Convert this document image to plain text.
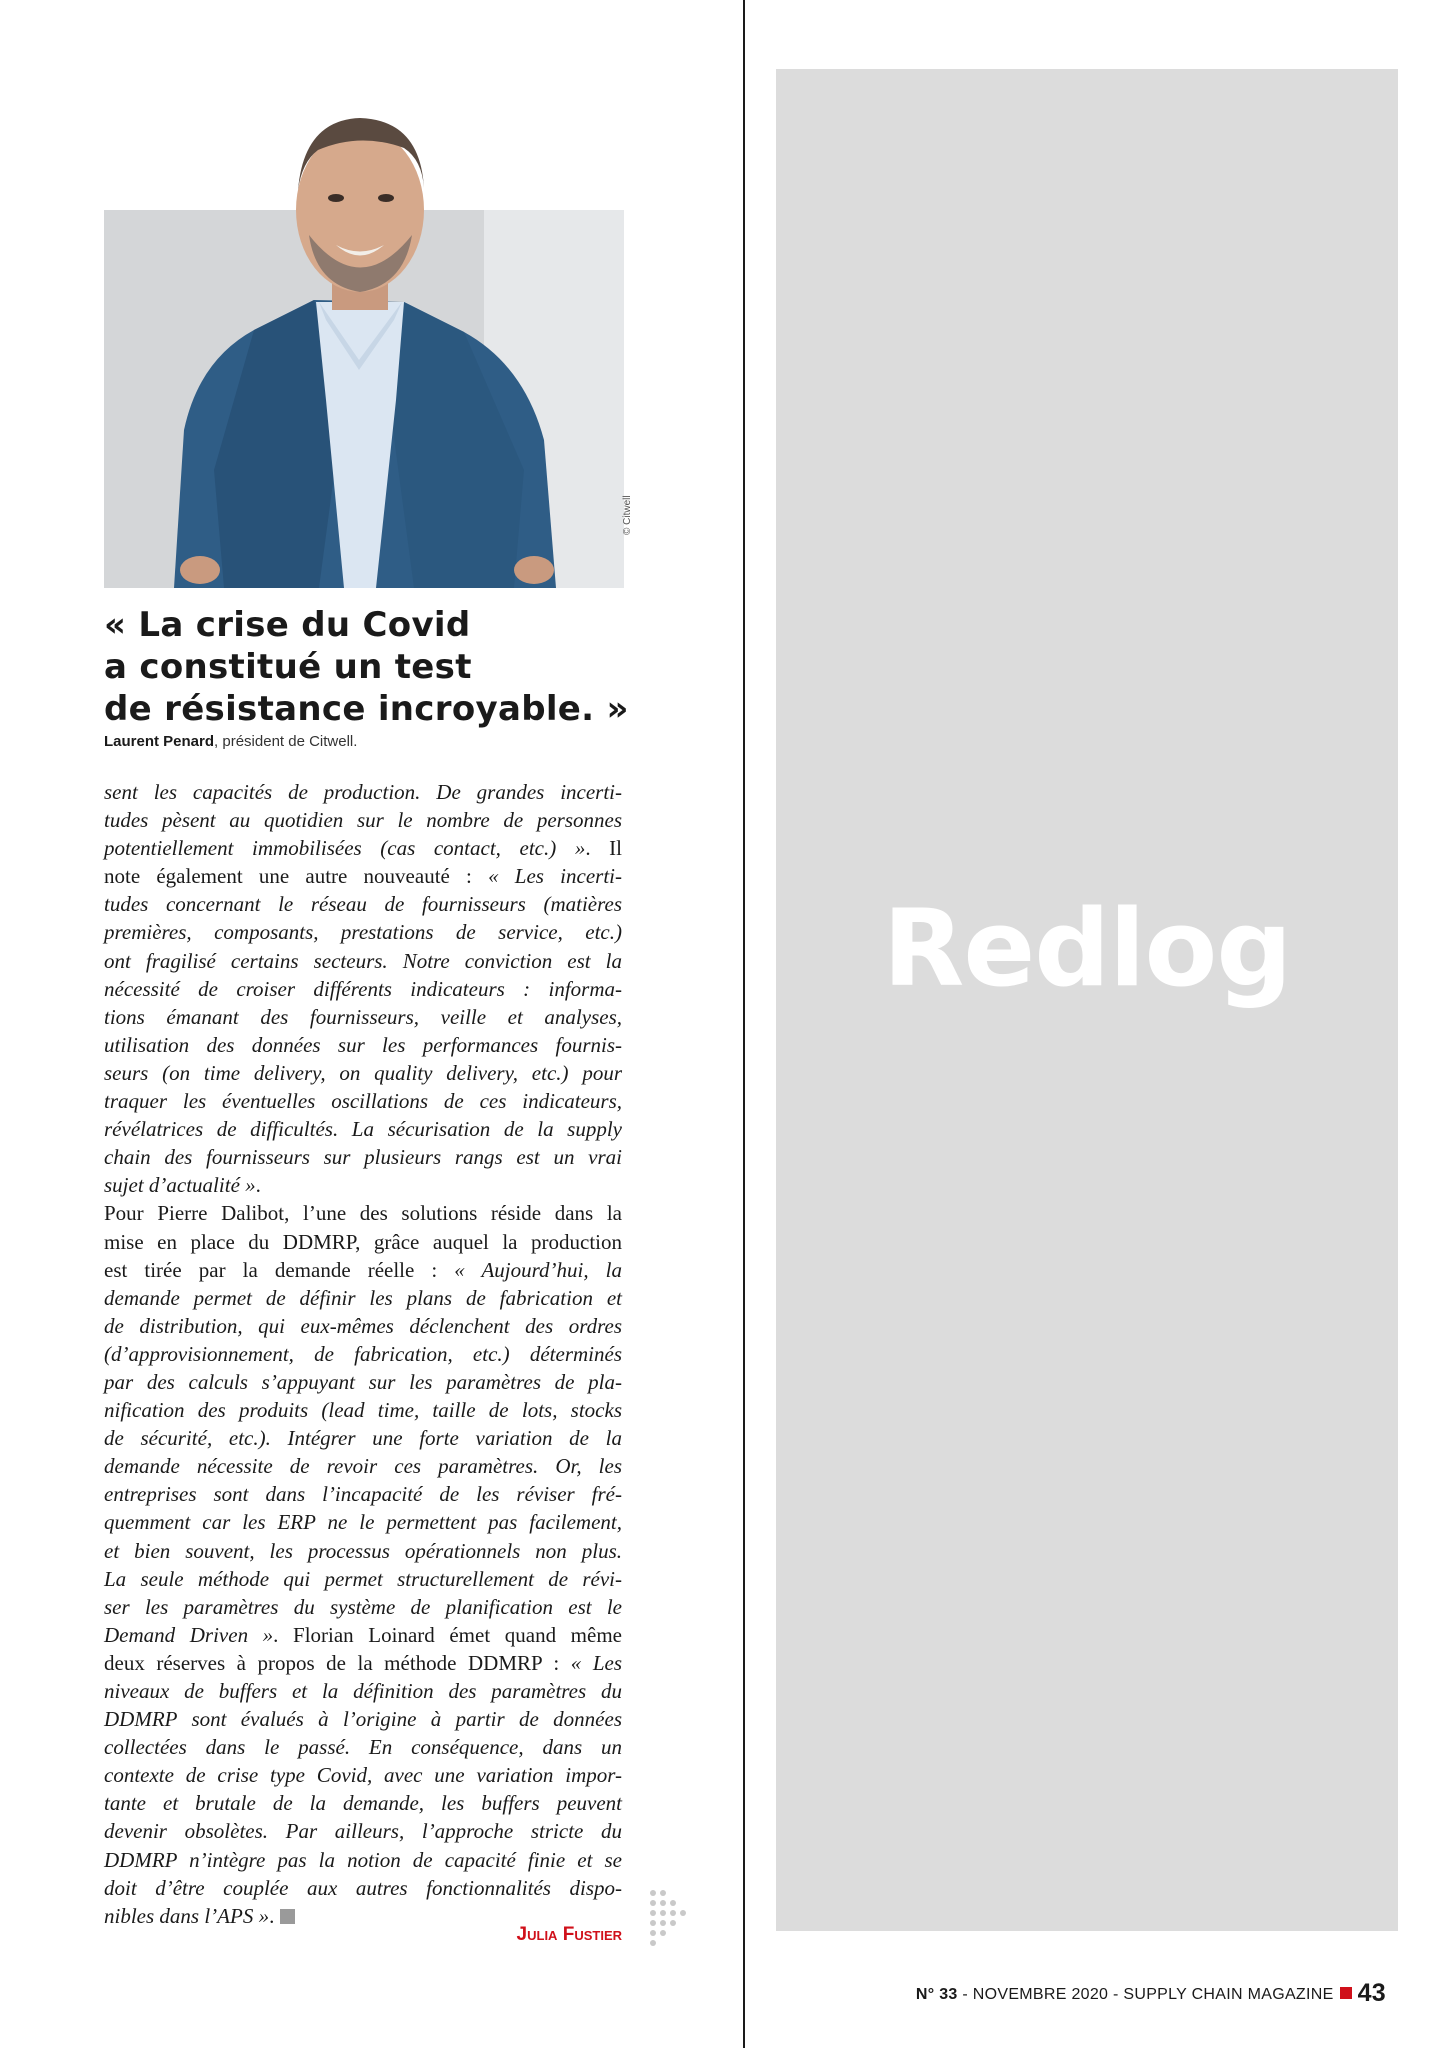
© Citwell
« La crise du Covid
a constitué un test
de résistance incroyable. »
Laurent Penard, président de Citwell.
sent les capacités de production. De grandes incerti-
tudes pèsent au quotidien sur le nombre de personnes
potentiellement immobilisées (cas contact, etc.) ». Il
note également une autre nouveauté : « Les incerti-
tudes concernant le réseau de fournisseurs (matières
premières, composants, prestations de service, etc.)
ont fragilisé certains secteurs. Notre conviction est la
nécessité de croiser différents indicateurs : informa-
tions émanant des fournisseurs, veille et analyses,
utilisation des données sur les performances fournis-
seurs (on time delivery, on quality delivery, etc.) pour
traquer les éventuelles oscillations de ces indicateurs,
révélatrices de difficultés. La sécurisation de la supply
chain des fournisseurs sur plusieurs rangs est un vrai
sujet d’actualité ».
Pour Pierre Dalibot, l’une des solutions réside dans la
mise en place du DDMRP, grâce auquel la production
est tirée par la demande réelle : « Aujourd’hui, la
demande permet de définir les plans de fabrication et
de distribution, qui eux-mêmes déclenchent des ordres
(d’approvisionnement, de fabrication, etc.) déterminés
par des calculs s’appuyant sur les paramètres de pla-
nification des produits (lead time, taille de lots, stocks
de sécurité, etc.). Intégrer une forte variation de la
demande nécessite de revoir ces paramètres. Or, les
entreprises sont dans l’incapacité de les réviser fré-
quemment car les ERP ne le permettent pas facilement,
et bien souvent, les processus opérationnels non plus.
La seule méthode qui permet structurellement de révi-
ser les paramètres du système de planification est le
Demand Driven ». Florian Loinard émet quand même
deux réserves à propos de la méthode DDMRP : « Les
niveaux de buffers et la définition des paramètres du
DDMRP sont évalués à l’origine à partir de données
collectées dans le passé. En conséquence, dans un
contexte de crise type Covid, avec une variation impor-
tante et brutale de la demande, les buffers peuvent
devenir obsolètes. Par ailleurs, l’approche stricte du
DDMRP n’intègre pas la notion de capacité finie et se
doit d’être couplée aux autres fonctionnalités dispo-
nibles dans l’APS ».
Julia Fustier
Redlog
N° 33 - NOVEMBRE 2020 - SUPPLY CHAIN MAGAZINE 43
